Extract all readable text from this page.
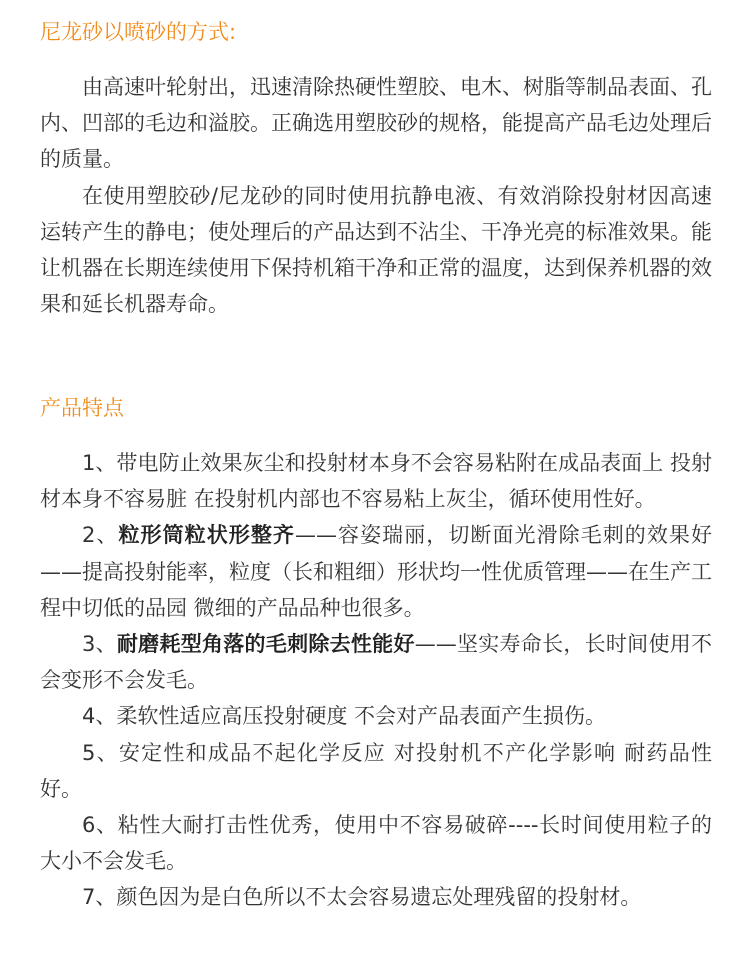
尼龙砂以喷砂的方式:

由高速叶轮射出，迅速清除热硬性塑胶、电木、树脂等制品表面、孔内、凹部的毛边和溢胶。正确选用塑胶砂的规格，能提高产品毛边处理后的质量。

在使用塑胶砂/尼龙砂的同时使用抗静电液、有效消除投射材因高速运转产生的静电；使处理后的产品达到不沾尘、干净光亮的标准效果。能让机器在长期连续使用下保持机箱干净和正常的温度，达到保养机器的效果和延长机器寿命。

产品特点

1、带电防止效果灰尘和投射材本身不会容易粘附在成品表面上 投射材本身不容易脏 在投射机内部也不容易粘上灰尘，循环使用性好。

2、粒形筒粒状形整齐——容姿瑞丽，切断面光滑除毛刺的效果好——提高投射能率，粒度（长和粗细）形状均一性优质管理——在生产工程中切低的品园 微细的产品品种也很多。

3、耐磨耗型角落的毛刺除去性能好——坚实寿命长，长时间使用不会变形不会发毛。

4、柔软性适应高压投射硬度 不会对产品表面产生损伤。

5、安定性和成品不起化学反应 对投射机不产化学影响 耐药品性好。

6、粘性大耐打击性优秀，使用中不容易破碎----长时间使用粒子的大小不会发毛。

7、颜色因为是白色所以不太会容易遗忘处理残留的投射材。
